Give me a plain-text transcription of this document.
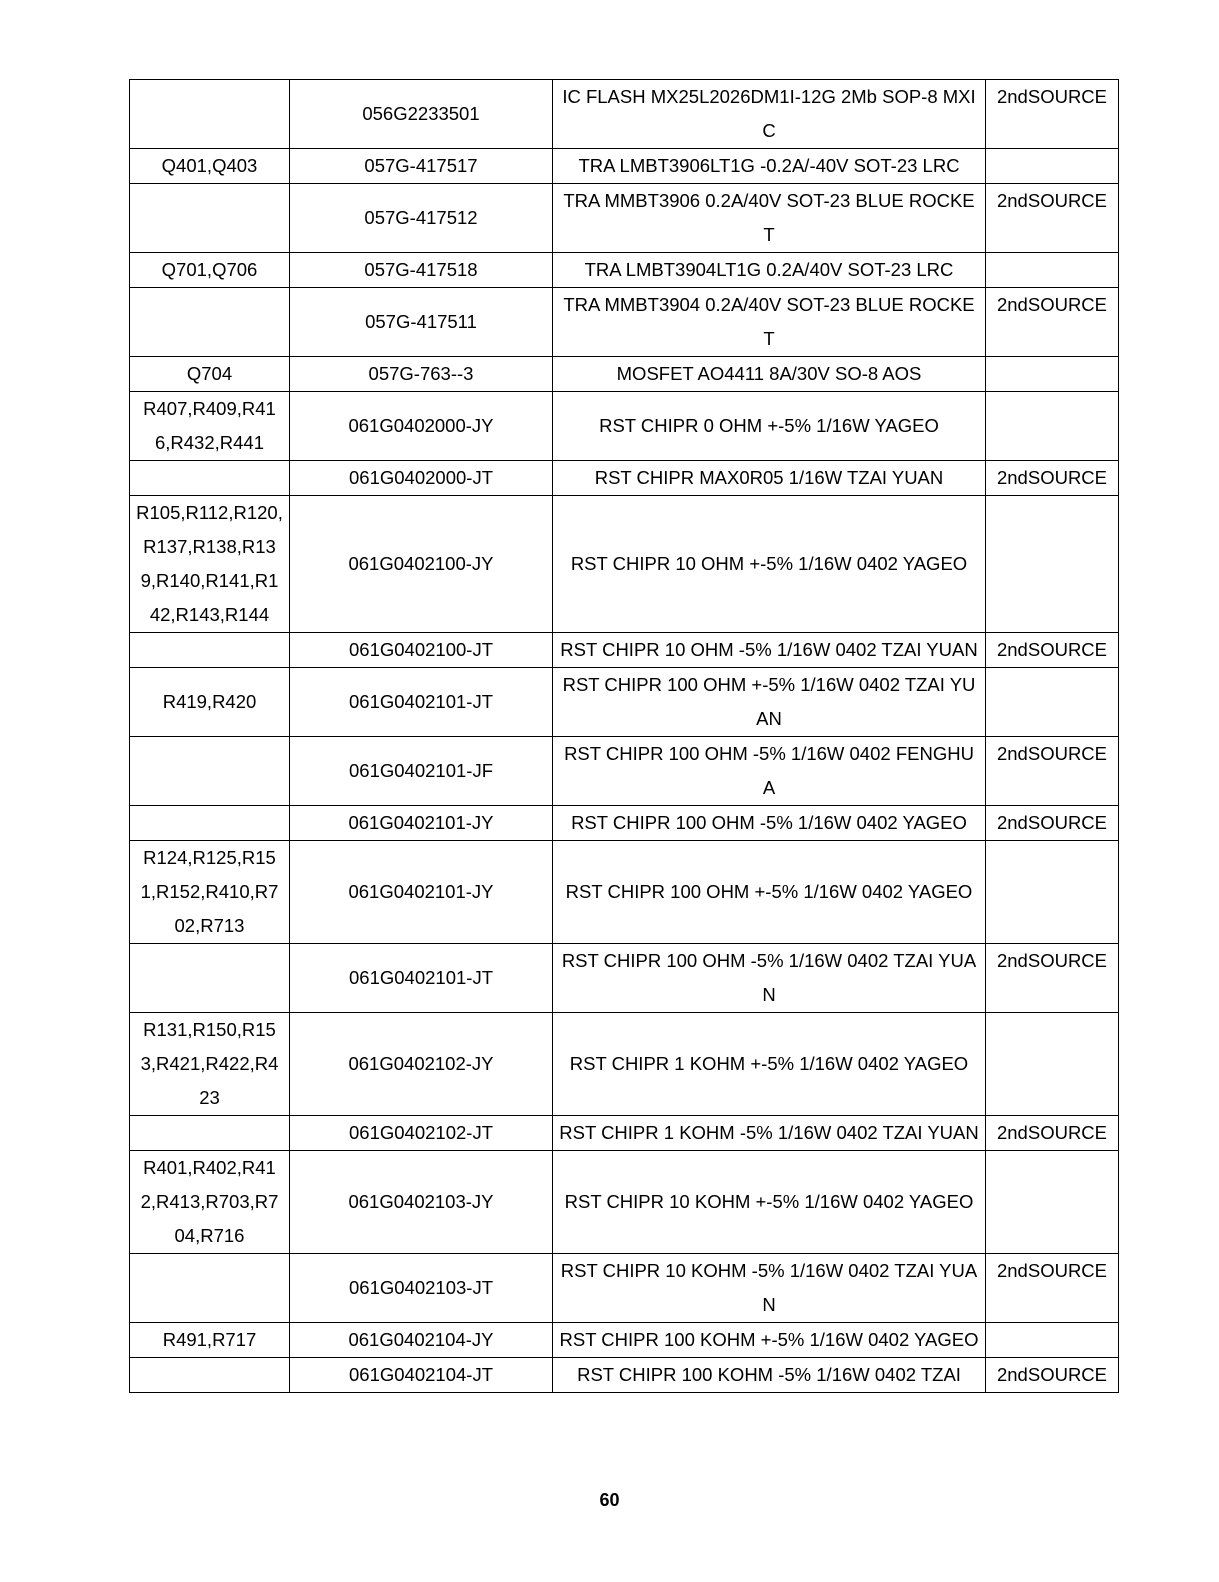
	056G2233501	IC FLASH MX25L2026DM1I-12G 2Mb SOP-8 MXIC	2ndSOURCE
Q401,Q403	057G-417517	TRA LMBT3906LT1G -0.2A/-40V SOT-23 LRC	
	057G-417512	TRA MMBT3906 0.2A/40V SOT-23 BLUE ROCKET	2ndSOURCE
Q701,Q706	057G-417518	TRA LMBT3904LT1G 0.2A/40V SOT-23 LRC	
	057G-417511	TRA MMBT3904 0.2A/40V SOT-23 BLUE ROCKET	2ndSOURCE
Q704	057G-763--3	MOSFET AO4411 8A/30V SO-8 AOS	
R407,R409,R416,R432,R441	061G0402000-JY	RST CHIPR 0 OHM +-5% 1/16W YAGEO	
	061G0402000-JT	RST CHIPR MAX0R05 1/16W TZAI YUAN	2ndSOURCE
R105,R112,R120,R137,R138,R139,R140,R141,R142,R143,R144	061G0402100-JY	RST CHIPR 10 OHM +-5% 1/16W 0402 YAGEO	
	061G0402100-JT	RST CHIPR 10 OHM -5% 1/16W 0402 TZAI YUAN	2ndSOURCE
R419,R420	061G0402101-JT	RST CHIPR 100 OHM +-5% 1/16W 0402 TZAI YUAN	
	061G0402101-JF	RST CHIPR 100 OHM -5% 1/16W 0402 FENGHUA	2ndSOURCE
	061G0402101-JY	RST CHIPR 100 OHM -5% 1/16W 0402 YAGEO	2ndSOURCE
R124,R125,R151,R152,R410,R702,R713	061G0402101-JY	RST CHIPR 100 OHM +-5% 1/16W 0402 YAGEO	
	061G0402101-JT	RST CHIPR 100 OHM -5% 1/16W 0402 TZAI YUAN	2ndSOURCE
R131,R150,R153,R421,R422,R423	061G0402102-JY	RST CHIPR 1 KOHM +-5% 1/16W 0402 YAGEO	
	061G0402102-JT	RST CHIPR 1 KOHM -5% 1/16W 0402 TZAI YUAN	2ndSOURCE
R401,R402,R412,R413,R703,R704,R716	061G0402103-JY	RST CHIPR 10 KOHM +-5% 1/16W 0402 YAGEO	
	061G0402103-JT	RST CHIPR 10 KOHM -5% 1/16W 0402 TZAI YUAN	2ndSOURCE
R491,R717	061G0402104-JY	RST CHIPR 100 KOHM +-5% 1/16W 0402 YAGEO	
	061G0402104-JT	RST CHIPR 100 KOHM -5% 1/16W 0402 TZAI	2ndSOURCE
60
